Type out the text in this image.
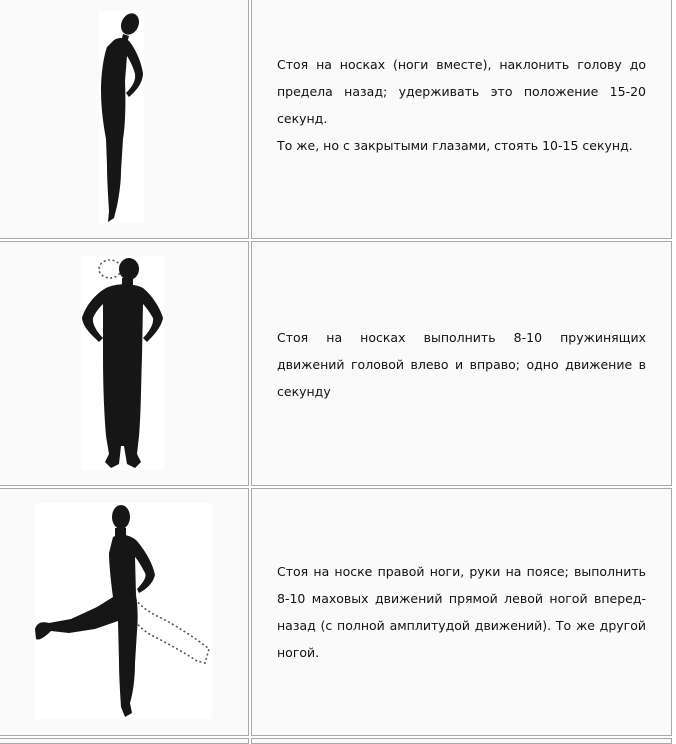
Стоя на носках (ноги вместе), наклонить голову до предела назад; удерживать это положение 15-20 секунд.

То же, но с закрытыми глазами, стоять 10-15 секунд.

Стоя на носках выполнить 8-10 пружинящих движений головой влево и вправо; одно движение в секунду

Стоя на носке правой ноги, руки на поясе; выполнить 8-10 маховых движений прямой левой ногой вперед-назад (с полной амплитудой движений). То же другой ногой.
